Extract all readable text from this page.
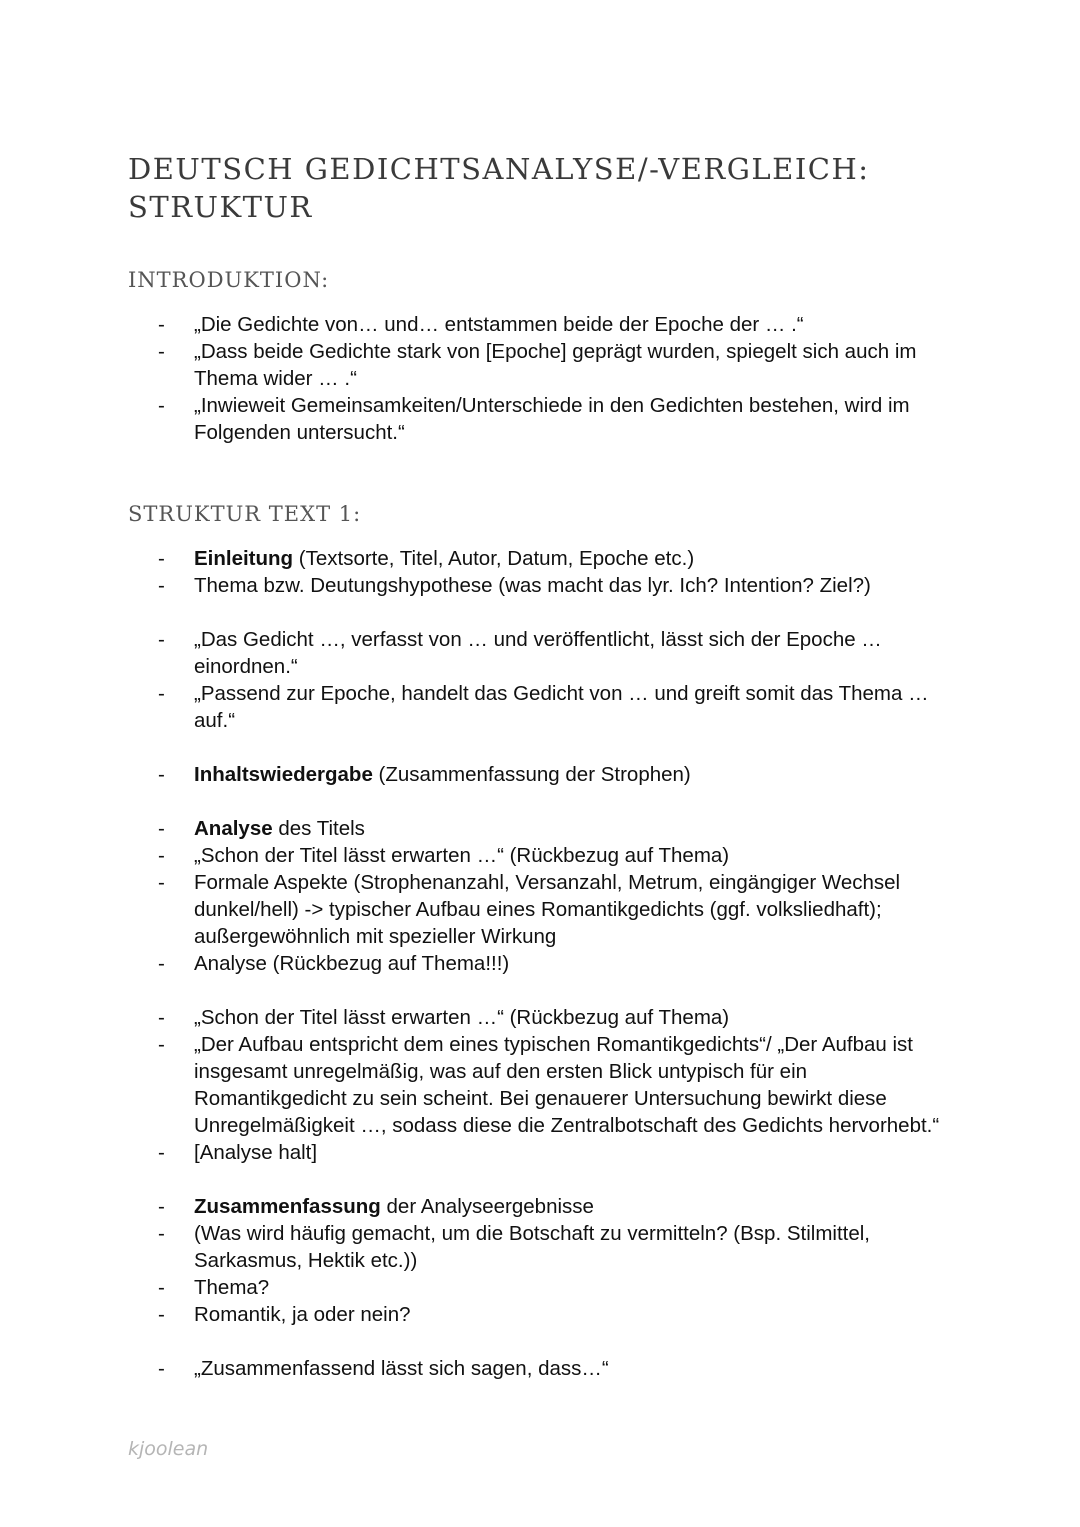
DEUTSCH GEDICHTSANALYSE/-VERGLEICH: STRUKTUR
INTRODUKTION:
- „Die Gedichte von… und… entstammen beide der Epoche der … .“
- „Dass beide Gedichte stark von [Epoche] geprägt wurden, spiegelt sich auch im Thema wider … .“
- „Inwieweit Gemeinsamkeiten/Unterschiede in den Gedichten bestehen, wird im Folgenden untersucht.“
STRUKTUR TEXT 1:
- Einleitung (Textsorte, Titel, Autor, Datum, Epoche etc.)
- Thema bzw. Deutungshypothese (was macht das lyr. Ich? Intention? Ziel?)
- „Das Gedicht …, verfasst von … und veröffentlicht, lässt sich der Epoche … einordnen.“
- „Passend zur Epoche, handelt das Gedicht von … und greift somit das Thema … auf.“
- Inhaltswiedergabe (Zusammenfassung der Strophen)
- Analyse des Titels
- „Schon der Titel lässt erwarten …“ (Rückbezug auf Thema)
- Formale Aspekte (Strophenanzahl, Versanzahl, Metrum, eingängiger Wechsel dunkel/hell) -> typischer Aufbau eines Romantikgedichts (ggf. volksliedhaft); außergewöhnlich mit spezieller Wirkung
- Analyse (Rückbezug auf Thema!!!)
- „Schon der Titel lässt erwarten …“ (Rückbezug auf Thema)
- „Der Aufbau entspricht dem eines typischen Romantikgedichts“/ „Der Aufbau ist insgesamt unregelmäßig, was auf den ersten Blick untypisch für ein Romantikgedicht zu sein scheint. Bei genauerer Untersuchung bewirkt diese Unregelmäßigkeit …, sodass diese die Zentralbotschaft des Gedichts hervorhebt.“
- [Analyse halt]
- Zusammenfassung der Analyseergebnisse
- (Was wird häufig gemacht, um die Botschaft zu vermitteln? (Bsp. Stilmittel, Sarkasmus, Hektik etc.))
- Thema?
- Romantik, ja oder nein?
- „Zusammenfassend lässt sich sagen, dass…“
kjoolean
